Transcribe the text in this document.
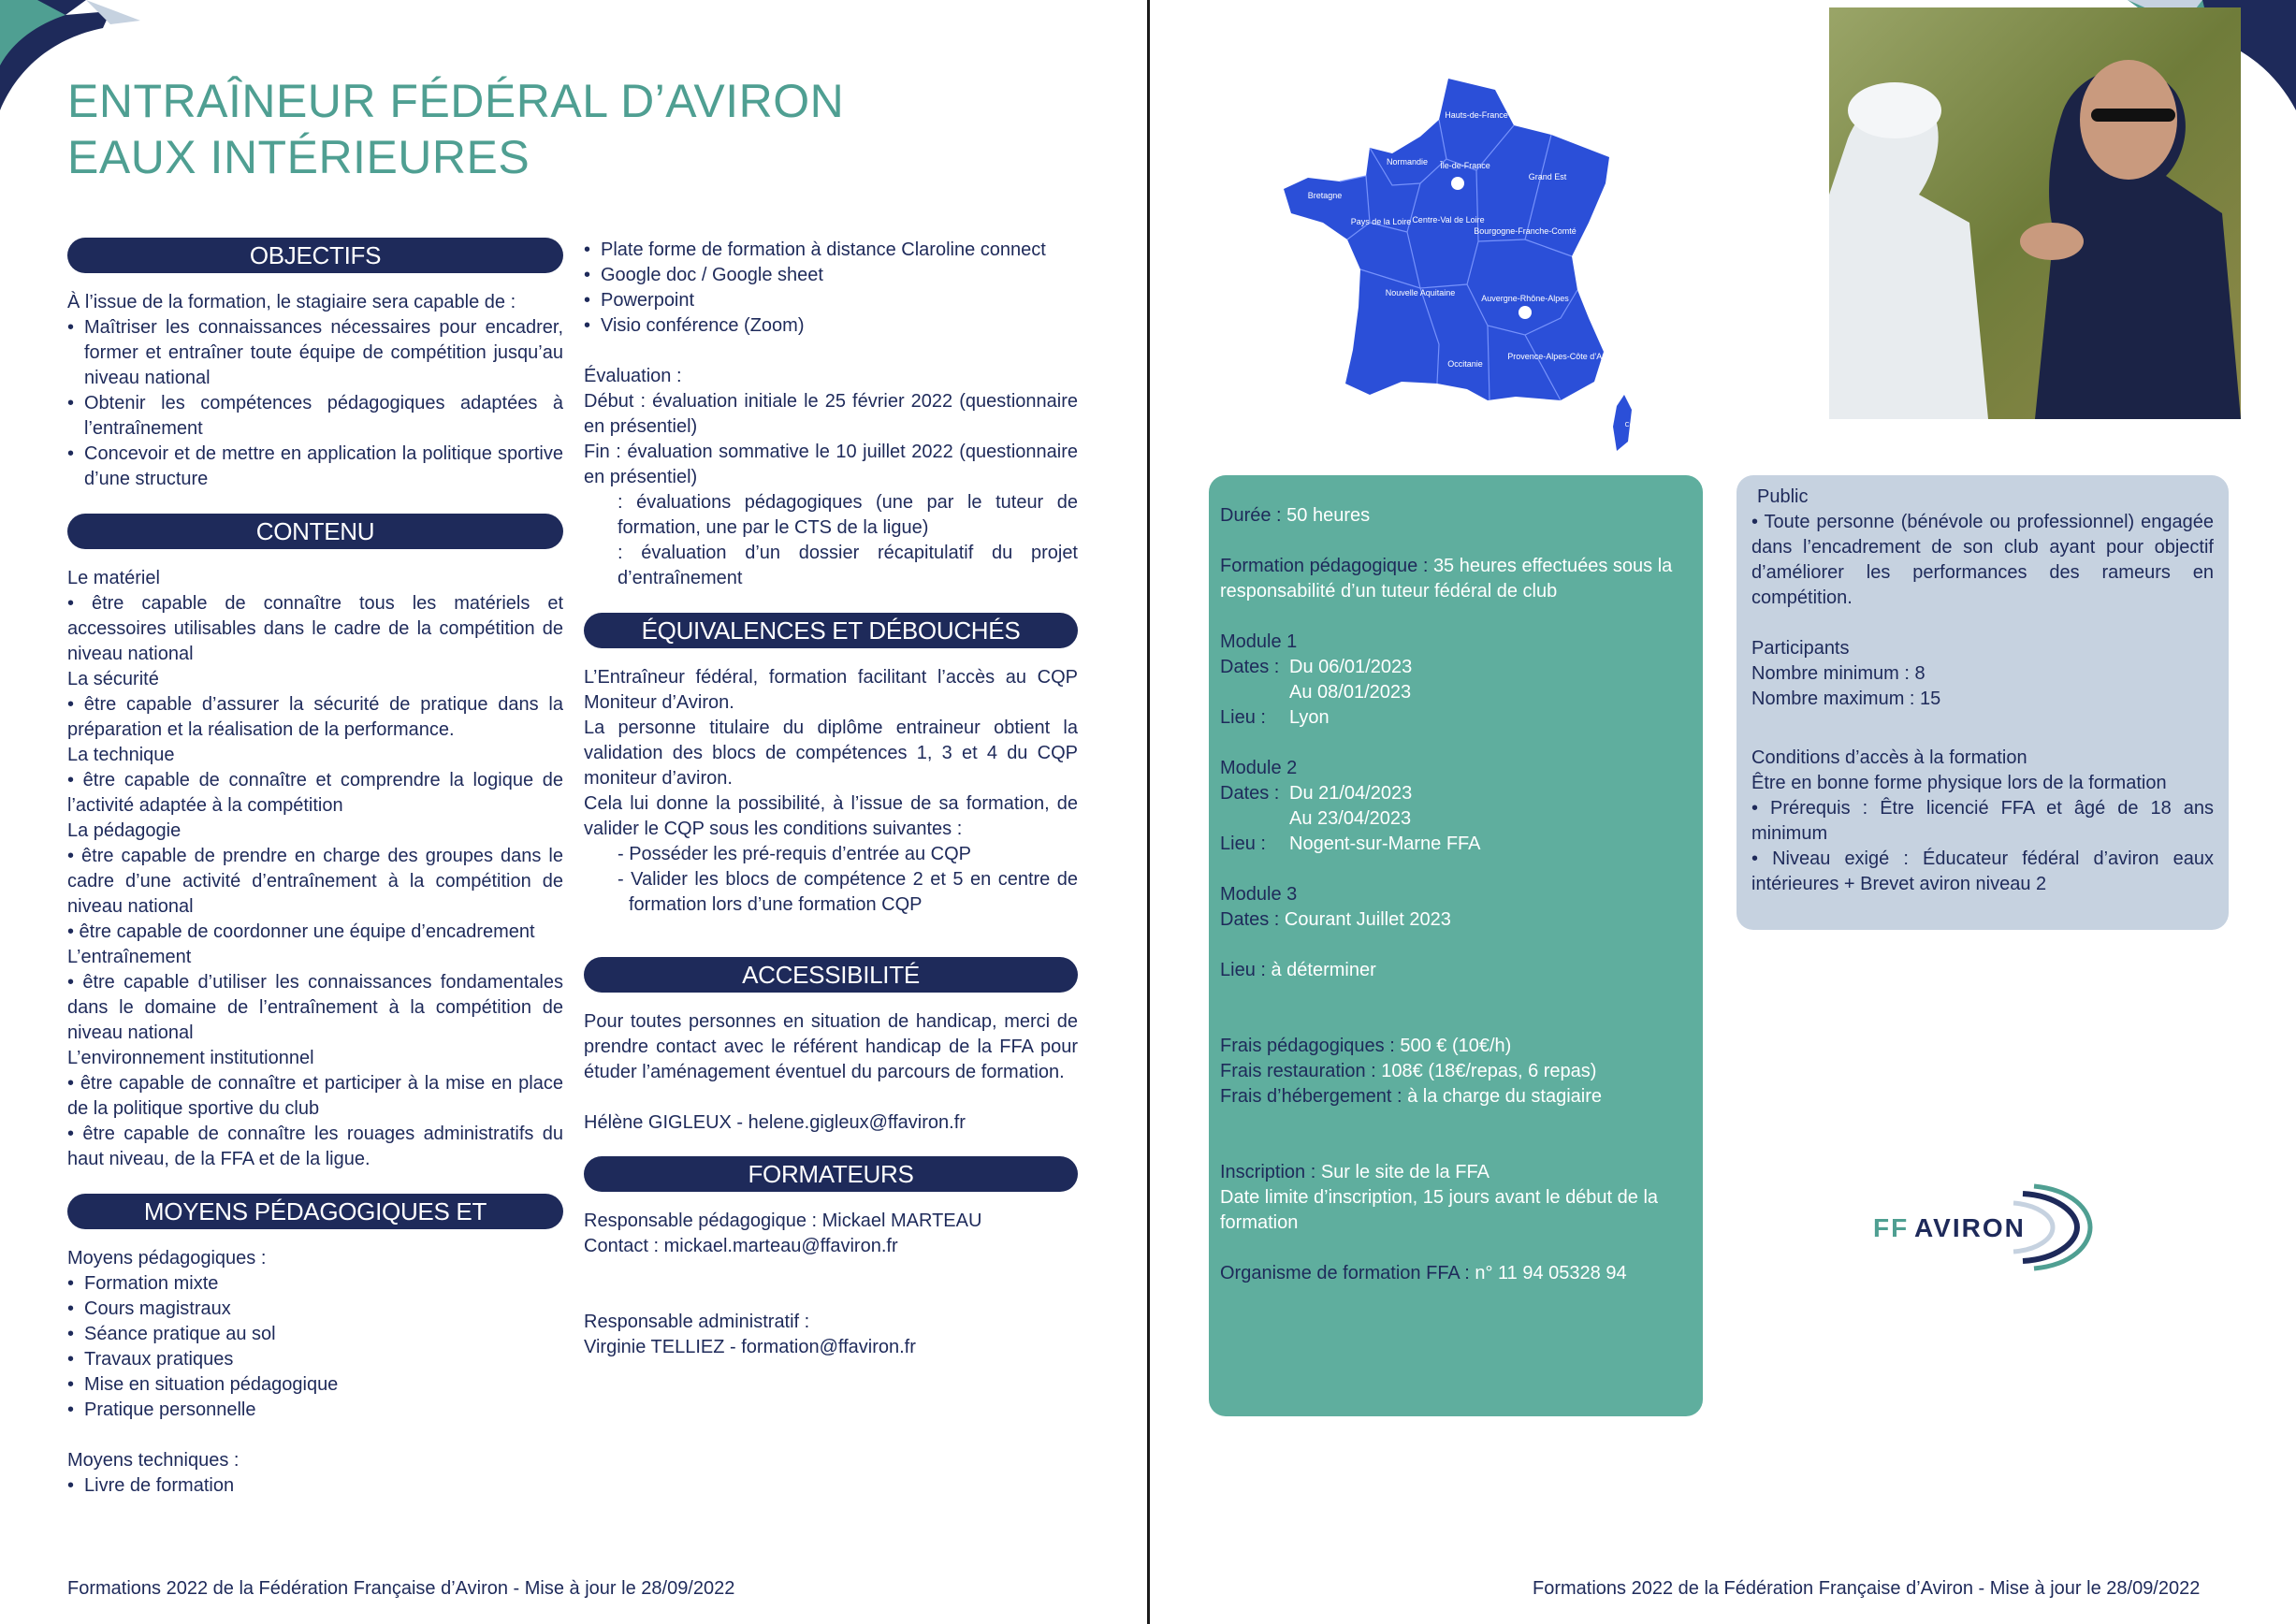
ENTRAÎNEUR FÉDÉRAL D’AVIRON
EAUX INTÉRIEURES
OBJECTIFS

À l’issue de la formation, le stagiaire sera capable de :

• Maîtriser les connaissances nécessaires pour encadrer, former et entraîner toute équipe de compétition jusqu’au niveau national
• Obtenir les compétences pédagogiques adaptées à l’entraînement
• Concevoir et de mettre en application la politique sportive d’une structure
CONTENU

Le matériel

• être capable de connaître tous les matériels et accessoires utilisables dans le cadre de la compétition de niveau national

La sécurité

• être capable d’assurer la sécurité de pratique dans la préparation et la réalisation de la performance.

La technique

• être capable de connaître et comprendre la logique de l’activité adaptée à la compétition

La pédagogie

• être capable de prendre en charge des groupes dans le cadre d’une activité d’entraînement à la compétition de niveau national

• être capable de coordonner une équipe d’encadrement

L’entraînement

• être capable d’utiliser les connaissances fondamentales dans le domaine de l’entraînement à la compétition de niveau national

L’environnement institutionnel

• être capable de connaître et participer à la mise en place de la politique sportive du club

• être capable de connaître les rouages administratifs du haut niveau, de la FFA et de la ligue.

MOYENS PÉDAGOGIQUES ET TECHNIQUES

Moyens pédagogiques :

• Formation mixte
• Cours magistraux
• Séance pratique au sol
• Travaux pratiques
• Mise en situation pédagogique
• Pratique personnelle

Moyens techniques :

• Livre de formation
• Plate forme de formation à distance Claroline connect
• Google doc / Google sheet
• Powerpoint
• Visio conférence (Zoom)

Évaluation :

Début : évaluation initiale le 25 février 2022 (questionnaire en présentiel)

Fin : évaluation sommative le 10 juillet 2022 (questionnaire en présentiel)

: évaluations pédagogiques (une par le tuteur de formation, une par le CTS de la ligue)

: évaluation d’un dossier récapitulatif du projet d’entraînement

ÉQUIVALENCES ET DÉBOUCHÉS

L’Entraîneur fédéral, formation facilitant l’accès au CQP Moniteur d’Aviron.

La personne titulaire du diplôme entraineur obtient la validation des blocs de compétences 1, 3 et 4 du CQP moniteur d’aviron.

Cela lui donne la possibilité, à l’issue de sa formation, de valider le CQP sous les conditions suivantes :

- Posséder les pré-requis d’entrée au CQP

- Valider les blocs de compétence 2 et 5 en centre de formation lors d’une formation CQP

ACCESSIBILITÉ

Pour toutes personnes en situation de handicap, merci de prendre contact avec le référent handicap de la FFA pour étuder l’aménagement éventuel du parcours de formation.

Hélène GIGLEUX - helene.gigleux@ffaviron.fr

FORMATEURS

Responsable pédagogique : Mickael MARTEAU

Contact : mickael.marteau@ffaviron.fr

Responsable administratif :

Virginie TELLIEZ - formation@ffaviron.fr

Formations 2022 de la Fédération Française d’Aviron - Mise à jour le 28/09/2022
Hauts-de-France
Normandie Île-de-France
Grand Est
Bretagne
Pays de la Loire Centre-Val de Loire
Bourgogne-Franche-Comté
Nouvelle Aquitaine
Auvergne-Rhône-Alpes
Occitanie
Provence-Alpes-Côte d’Azur
Corse

Durée : 50 heures

Formation pédagogique : 35 heures effectuées sous la responsabilité d’un tuteur fédéral de club

Module 1

Dates :Du 06/01/2023

Au 08/01/2023

Lieu :Lyon

Module 2

Dates :Du 21/04/2023

Au 23/04/2023

Lieu :Nogent-sur-Marne FFA

Module 3

Dates : Courant Juillet 2023

Lieu : à déterminer

Frais pédagogiques : 500 € (10€/h)

Frais restauration : 108€ (18€/repas, 6 repas)

Frais d’hébergement : à la charge du stagiaire

Inscription : Sur le site de la FFA

Date limite d’inscription, 15 jours avant le début de la formation

Organisme de formation FFA : n° 11 94 05328 94

Public

• Toute personne (bénévole ou professionnel) engagée dans l’encadrement de son club ayant pour objectif d’améliorer les performances des rameurs en compétition.

Participants

Nombre minimum : 8

Nombre maximum : 15

Conditions d’accès à la formation

Être en bonne forme physique lors de la formation

• Prérequis : Être licencié FFA et âgé de 18 ans minimum

• Niveau exigé : Éducateur fédéral d’aviron eaux intérieures + Brevet aviron niveau 2

FF AVIRON
Formations 2022 de la Fédération Française d’Aviron - Mise à jour le 28/09/2022
